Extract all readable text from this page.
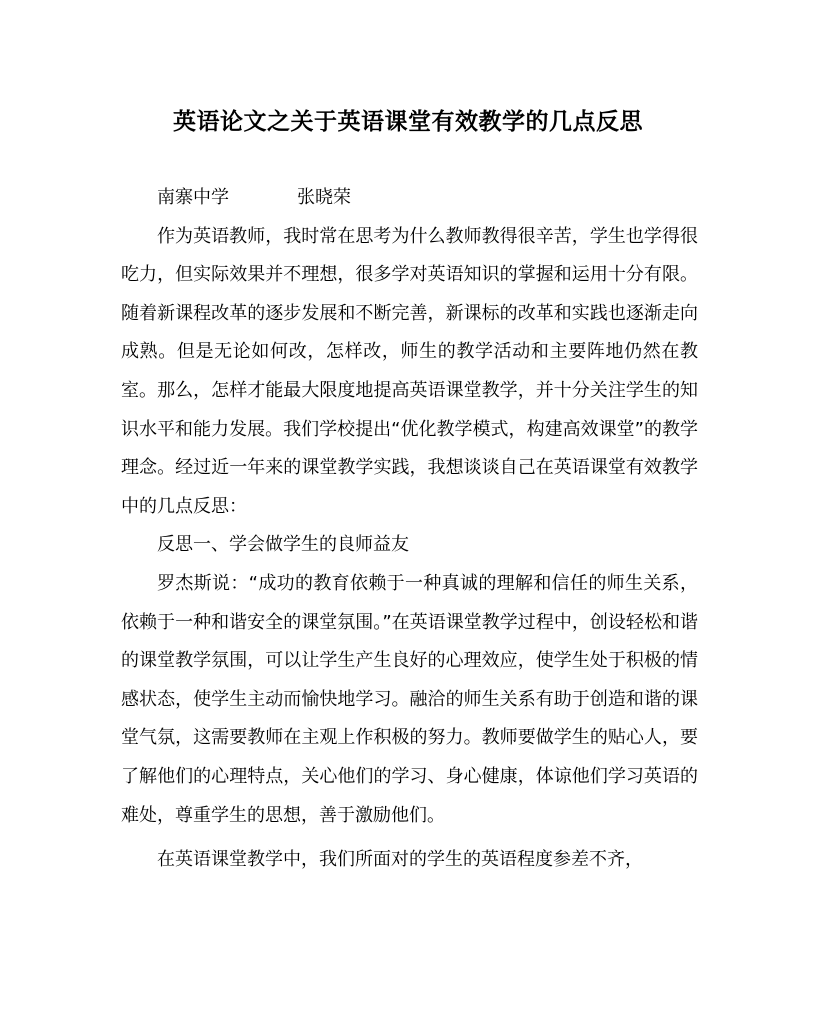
英语论文之关于英语课堂有效教学的几点反思
南寨中学	张晓荣

作为英语教师，我时常在思考为什么教师教得很辛苦，学生也学得很吃力，但实际效果并不理想，很多学对英语知识的掌握和运用十分有限。随着新课程改革的逐步发展和不断完善，新课标的改革和实践也逐渐走向成熟。但是无论如何改，怎样改，师生的教学活动和主要阵地仍然在教室。那么，怎样才能最大限度地提高英语课堂教学，并十分关注学生的知识水平和能力发展。我们学校提出“优化教学模式，构建高效课堂”的教学理念。经过近一年来的课堂教学实践，我想谈谈自己在英语课堂有效教学中的几点反思：

反思一、学会做学生的良师益友

罗杰斯说：“成功的教育依赖于一种真诚的理解和信任的师生关系，依赖于一种和谐安全的课堂氛围。”在英语课堂教学过程中，创设轻松和谐的课堂教学氛围，可以让学生产生良好的心理效应，使学生处于积极的情感状态，使学生主动而愉快地学习。融洽的师生关系有助于创造和谐的课堂气氛，这需要教师在主观上作积极的努力。教师要做学生的贴心人，要了解他们的心理特点，关心他们的学习、身心健康，体谅他们学习英语的难处，尊重学生的思想，善于激励他们。

在英语课堂教学中，我们所面对的学生的英语程度参差不齐，
